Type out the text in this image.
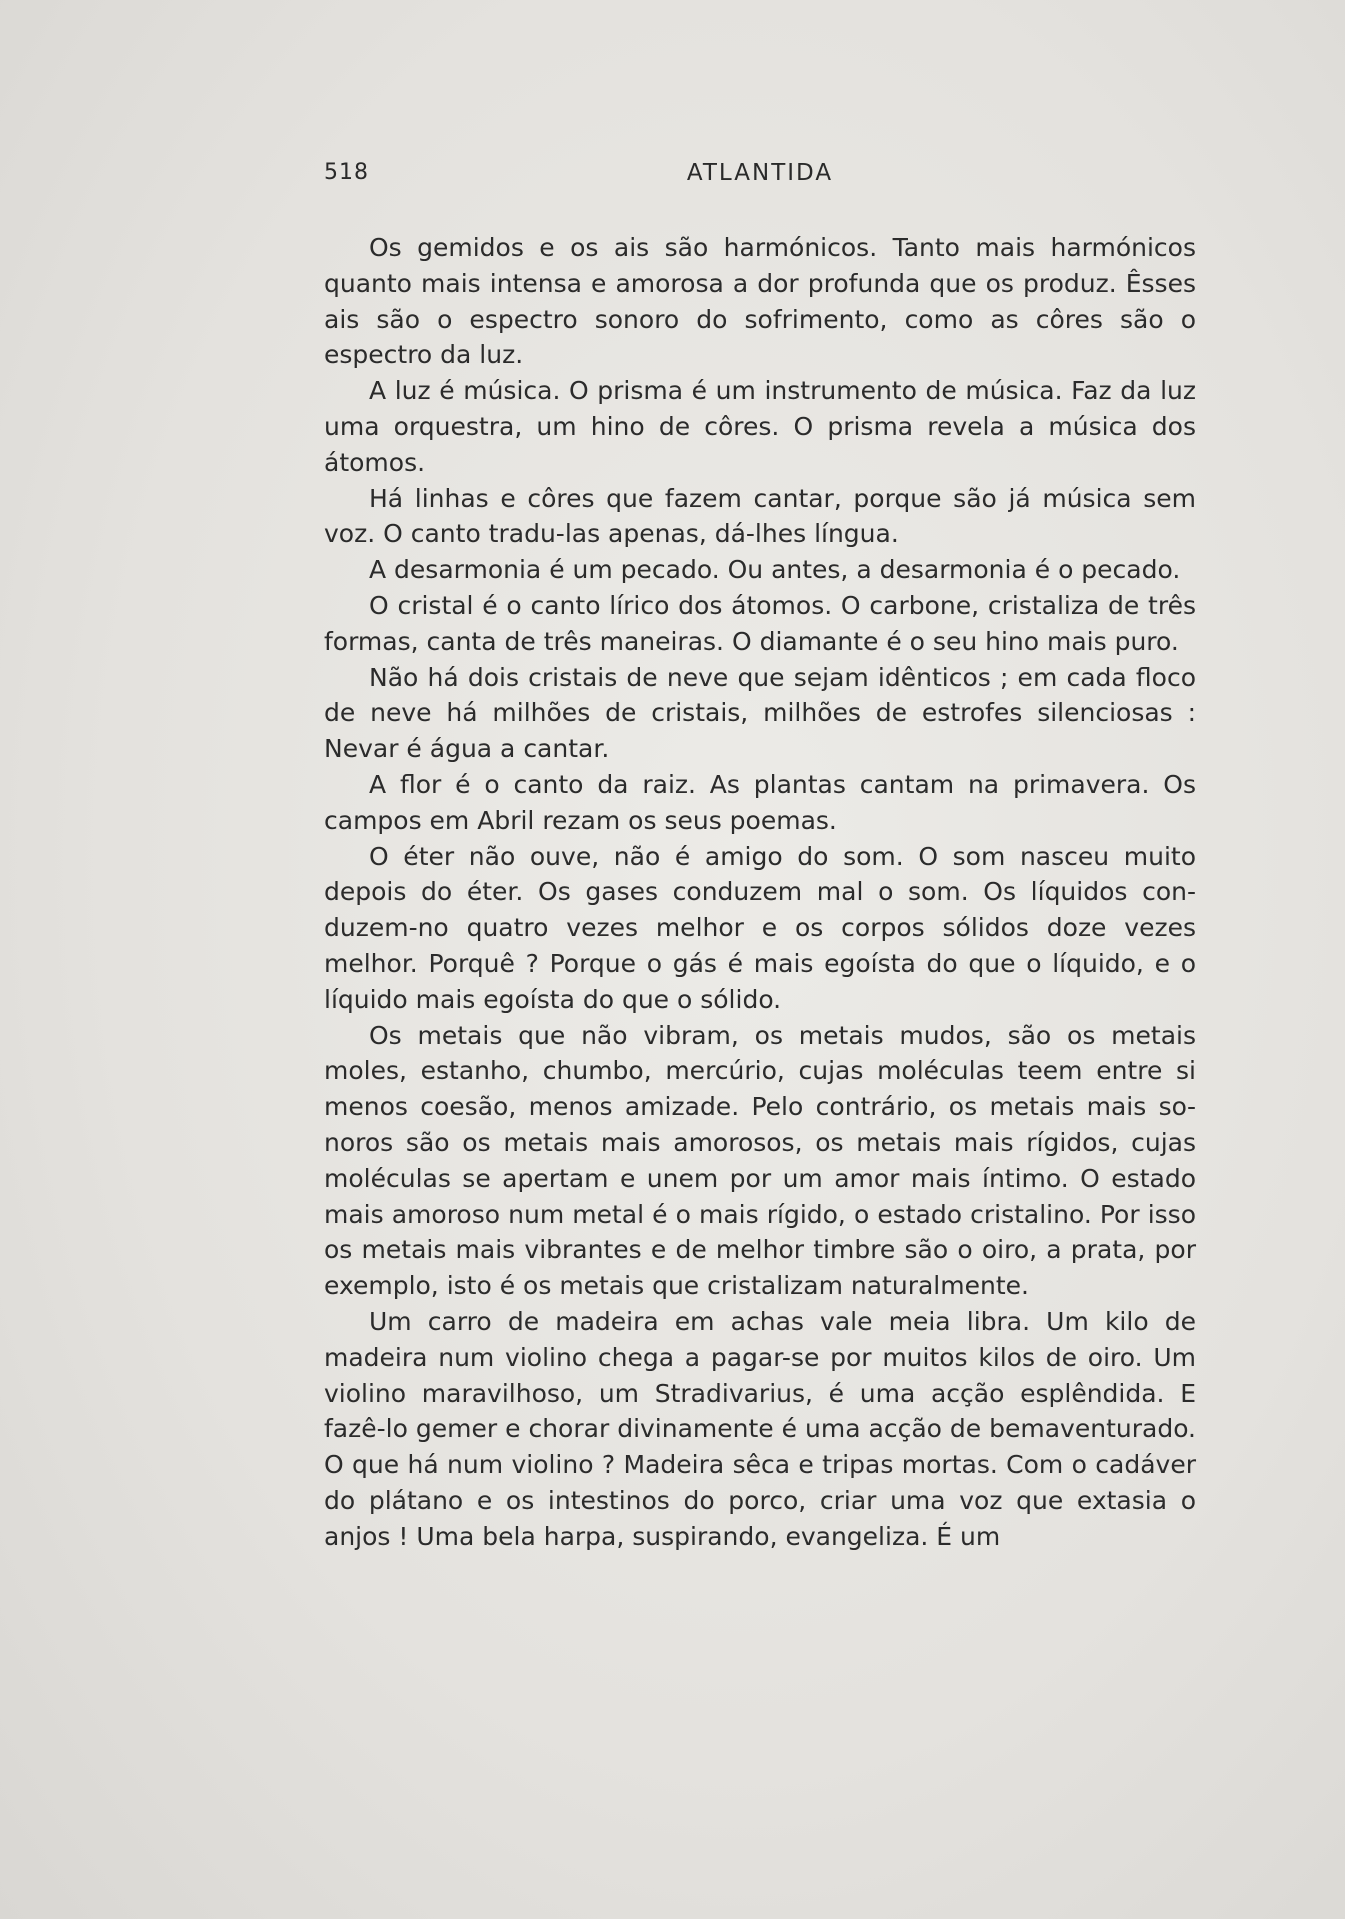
518	ATLANTIDA

Os gemidos e os ais são harmónicos. Tanto mais harmónicos quanto mais intensa e amorosa a dor profunda que os produz. Êsses ais são o espectro sonoro do sofrimento, como as côres são o espectro da luz.

A luz é música. O prisma é um instrumento de música. Faz da luz uma orquestra, um hino de côres. O prisma revela a música dos átomos.

Há linhas e côres que fazem cantar, porque são já música sem voz. O canto tradu-las apenas, dá-lhes língua.

A desarmonia é um pecado. Ou antes, a desarmonia é o pecado.

O cristal é o canto lírico dos átomos. O carbone, cristaliza de três formas, canta de três maneiras. O diamante é o seu hino mais puro.

Não há dois cristais de neve que sejam idênticos ; em cada floco de neve há milhões de cristais, milhões de estrofes silenciosas : Nevar é água a cantar.

A flor é o canto da raiz. As plantas cantam na primavera. Os campos em Abril rezam os seus poemas.

O éter não ouve, não é amigo do som. O som nasceu muito depois do éter. Os gases conduzem mal o som. Os líquidos conduzem-no quatro vezes melhor e os corpos sólidos doze vezes melhor. Porquê ? Porque o gás é mais egoísta do que o líquido, e o líquido mais egoísta do que o sólido.

Os metais que não vibram, os metais mudos, são os metais moles, estanho, chumbo, mercúrio, cujas moléculas teem entre si menos coesão, menos amizade. Pelo contrário, os metais mais sonoros são os metais mais amorosos, os metais mais rígidos, cujas moléculas se apertam e unem por um amor mais íntimo. O estado mais amoroso num metal é o mais rígido, o estado cristalino. Por isso os metais mais vibrantes e de melhor timbre são o oiro, a prata, por exemplo, isto é os metais que cristalizam naturalmente.

Um carro de madeira em achas vale meia libra. Um kilo de madeira num violino chega a pagar-se por muitos kilos de oiro. Um violino maravilhoso, um Stradivarius, é uma acção esplêndida. E fazê-lo gemer e chorar divinamente é uma acção de bemaventurado. O que há num violino ? Madeira sêca e tripas mortas. Com o cadáver do plátano e os intestinos do porco, criar uma voz que extasia o anjos ! Uma bela harpa, suspirando, evangeliza. É um
